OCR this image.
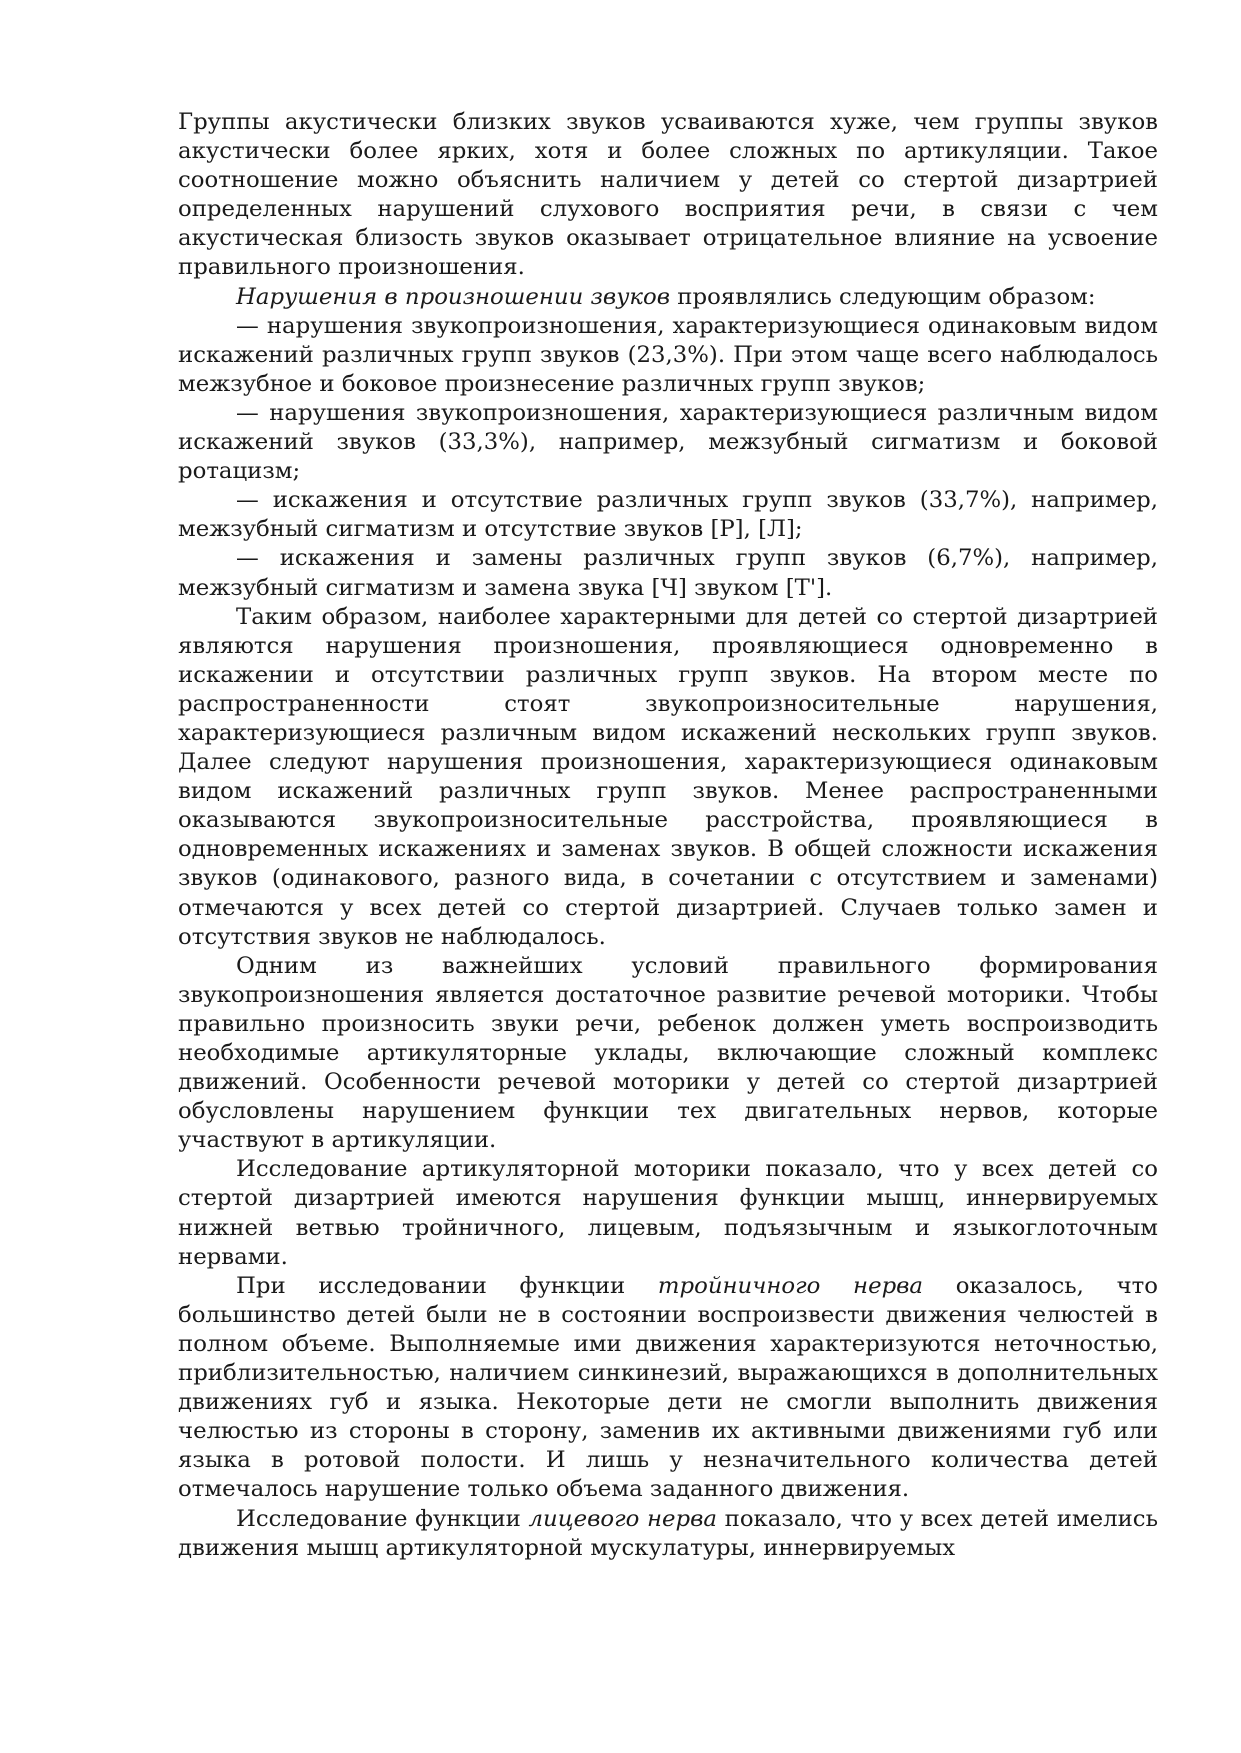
Группы акустически близких звуков усваиваются хуже, чем группы звуков акустически более ярких, хотя и более сложных по артикуляции. Такое соотношение можно объяснить наличием у детей со стертой дизартрией определенных нарушений слухового восприятия речи, в связи с чем акустическая близость звуков оказывает отрицательное влияние на усвоение правильного произношения.

Нарушения в произношении звуков проявлялись следующим образом:

— нарушения звукопроизношения, характеризующиеся одинаковым видом искажений различных групп звуков (23,3%). При этом чаще всего наблюдалось межзубное и боковое произнесение различных групп звуков;

— нарушения звукопроизношения, характеризующиеся различным видом искажений звуков (33,3%), например, межзубный сигматизм и боковой ротацизм;

— искажения и отсутствие различных групп звуков (33,7%), например, межзубный сигматизм и отсутствие звуков [Р], [Л];

— искажения и замены различных групп звуков (6,7%), например, межзубный сигматизм и замена звука [Ч] звуком [Т'].

Таким образом, наиболее характерными для детей со стертой дизартрией являются нарушения произношения, проявляющиеся одновременно в искажении и отсутствии различных групп звуков. На втором месте по распространенности стоят звукопроизносительные нарушения, характеризующиеся различным видом искажений нескольких групп звуков. Далее следуют нарушения произношения, характеризующиеся одинаковым видом искажений различных групп звуков. Менее распространенными оказываются звукопроизносительные расстройства, проявляющиеся в одновременных искажениях и заменах звуков. В общей сложности искажения звуков (одинакового, разного вида, в сочетании с отсутствием и заменами) отмечаются у всех детей со стертой дизартрией. Случаев только замен и отсутствия звуков не наблюдалось.

Одним из важнейших условий правильного формирования звукопроизношения является достаточное развитие речевой моторики. Чтобы правильно произносить звуки речи, ребенок должен уметь воспроизводить необходимые артикуляторные уклады, включающие сложный комплекс движений. Особенности речевой моторики у детей со стертой дизартрией обусловлены нарушением функции тех двигательных нервов, которые участвуют в артикуляции.

Исследование артикуляторной моторики показало, что у всех детей со стертой дизартрией имеются нарушения функции мышц, иннервируемых нижней ветвью тройничного, лицевым, подъязычным и языкоглоточным нервами.

При исследовании функции тройничного нерва оказалось, что большинство детей были не в состоянии воспроизвести движения челюстей в полном объеме. Выполняемые ими движения характеризуются неточностью, приблизительностью, наличием синкинезий, выражающихся в дополнительных движениях губ и языка. Некоторые дети не смогли выполнить движения челюстью из стороны в сторону, заменив их активными движениями губ или языка в ротовой полости. И лишь у незначительного количества детей отмечалось нарушение только объема заданного движения.

Исследование функции лицевого нерва показало, что у всех детей имелись движения мышц артикуляторной мускулатуры, иннервируемых
